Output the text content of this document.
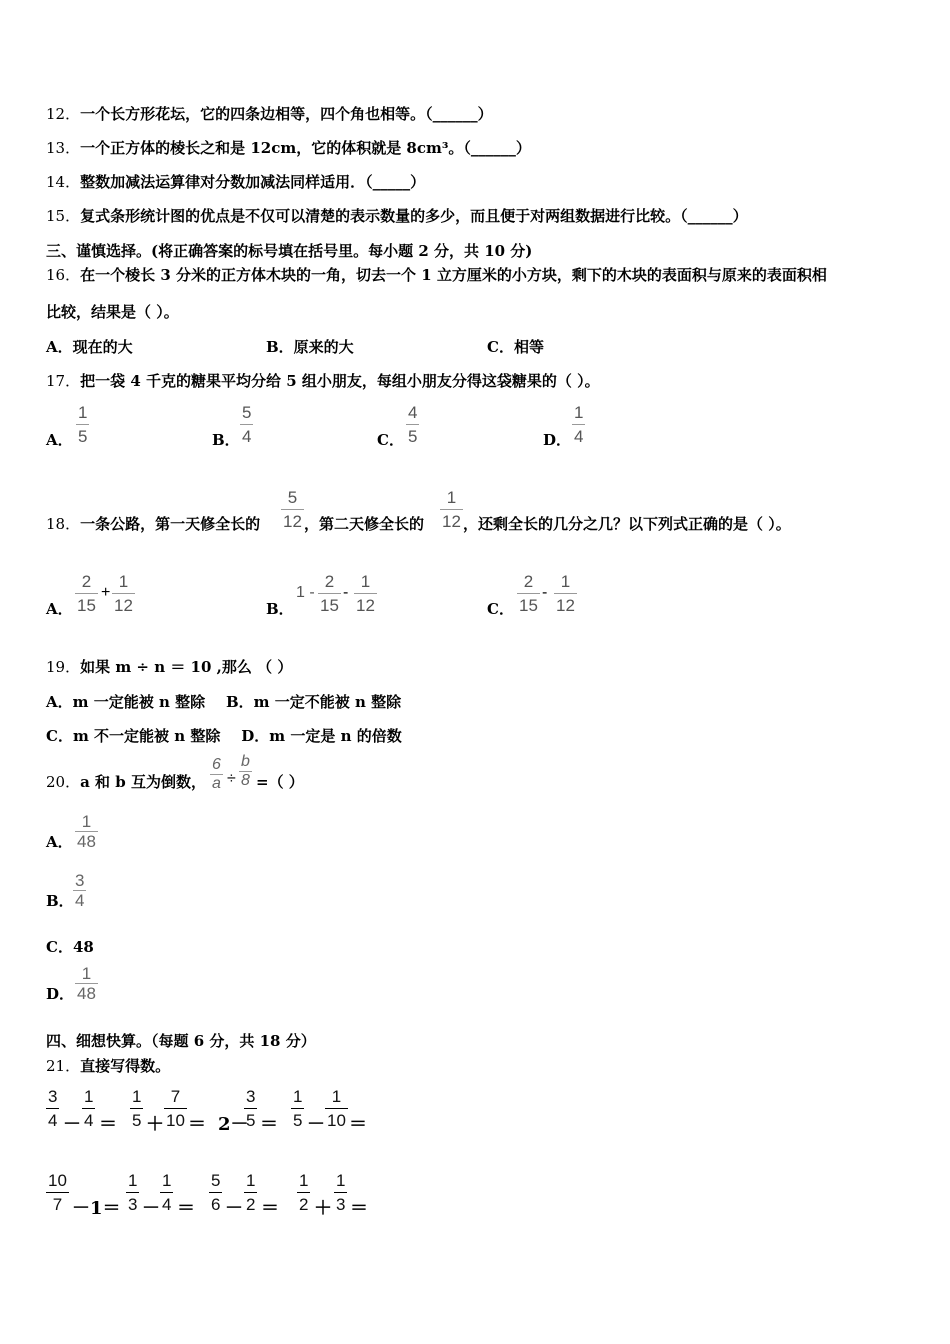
12．一个长方形花坛，它的四条边相等，四个角也相等。（______）
13．一个正方体的棱长之和是 12cm，它的体积就是 8cm³。（______）
14．整数加减法运算律对分数加减法同样适用．（_____）
15．复式条形统计图的优点是不仅可以清楚的表示数量的多少，而且便于对两组数据进行比较。（______）
三、谨慎选择。(将正确答案的标号填在括号里。每小题 2 分，共 10 分)
16．在一个棱长 3 分米的正方体木块的一角，切去一个 1 立方厘米的小方块，剩下的木块的表面积与原来的表面积相
比较，结果是（ ）。
A．现在的大	B．原来的大	C．相等
17．把一袋 4 千克的糖果平均分给 5 组小朋友，每组小朋友分得这袋糖果的（ ）。
A．
1
5	B．
5
4	C．
4
5	D．
1
4
18．一条公路，第一天修全长的
5
12 ，第二天修全长的
1
12 ，还剩全长的几分之几？以下列式正确的是（ ）。
A．
2
15
+
1
12	B．
1 -
2
15
-
1
12	C．
2
15
-
1
12
19．如果 m ÷ n ＝ 10 ,那么 （ ）
A．m 一定能被 n 整除    B．m 一定不能被 n 整除
C．m 不一定能被 n 整除    D．m 一定是 n 的倍数
20．a 和 b 互为倒数，
6
a ÷
b
8 =（ ）
A．
1
48
B．
3
4
C．48
D．
1
48
四、细想快算。（每题 6 分，共 18 分）
21．直接写得数。
3
4 －
1
4 ＝
1
5 ＋
7
10 ＝ 2－
3
5 ＝
1
5 －
1
10 ＝
10
7 －1＝
1
3 －
1
4 ＝
5
6 －
1
2 ＝
1
2 ＋
1
3 ＝
